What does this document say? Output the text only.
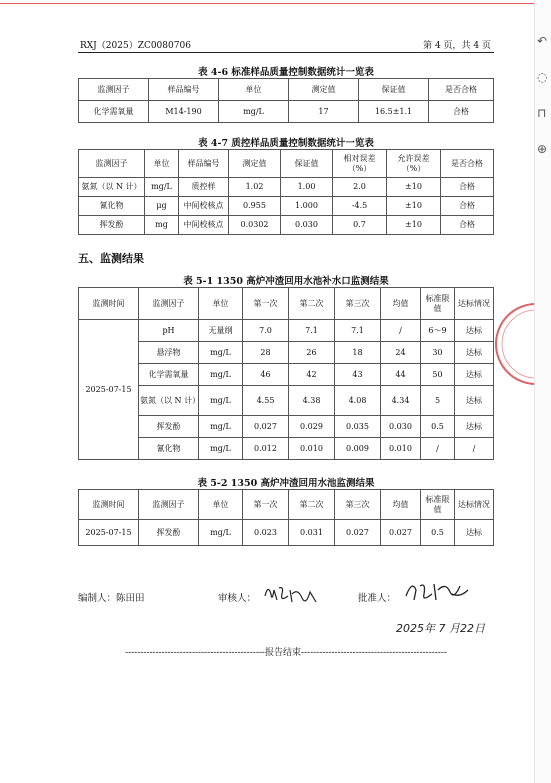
RXJ（2025）ZC0080706	第 4 页，共 4 页
表 4-6 标准样品质量控制数据统计一览表
监测因子	样品编号	单位	测定值	保证值	是否合格
化学需氧量	M14-190	mg/L	17	16.5±1.1	合格
表 4-7 质控样品质量控制数据统计一览表
监测因子	单位	样品编号	测定值	保证值	相对误差（%）	允许误差（%）	是否合格
氨氮（以 N 计）	mg/L	质控样	1.02	1.00	2.0	±10	合格
氰化物	μg	中间校核点	0.955	1.000	-4.5	±10	合格
挥发酚	mg	中间校核点	0.0302	0.030	0.7	±10	合格
五、监测结果
表 5-1 1350 高炉冲渣回用水池补水口监测结果
监测时间	监测因子	单位	第一次	第二次	第三次	均值	标准限值	达标情况
2025-07-15	pH	无量纲	7.0	7.1	7.1	/	6～9	达标
	悬浮物	mg/L	28	26	18	24	30	达标
	化学需氧量	mg/L	46	42	43	44	50	达标
	氨氮（以 N 计）	mg/L	4.55	4.38	4.08	4.34	5	达标
	挥发酚	mg/L	0.027	0.029	0.035	0.030	0.5	达标
	氰化物	mg/L	0.012	0.010	0.009	0.010	/	/
表 5-2 1350 高炉冲渣回用水池监测结果
监测时间	监测因子	单位	第一次	第二次	第三次	均值	标准限值	达标情况
2025-07-15	挥发酚	mg/L	0.023	0.031	0.027	0.027	0.5	达标
编制人：陈田田	审核人：	批准人：
2025年 7 月22日
----------------------------------------------报告结束------------------------------------------------
↶
◌
⊓
⊕
